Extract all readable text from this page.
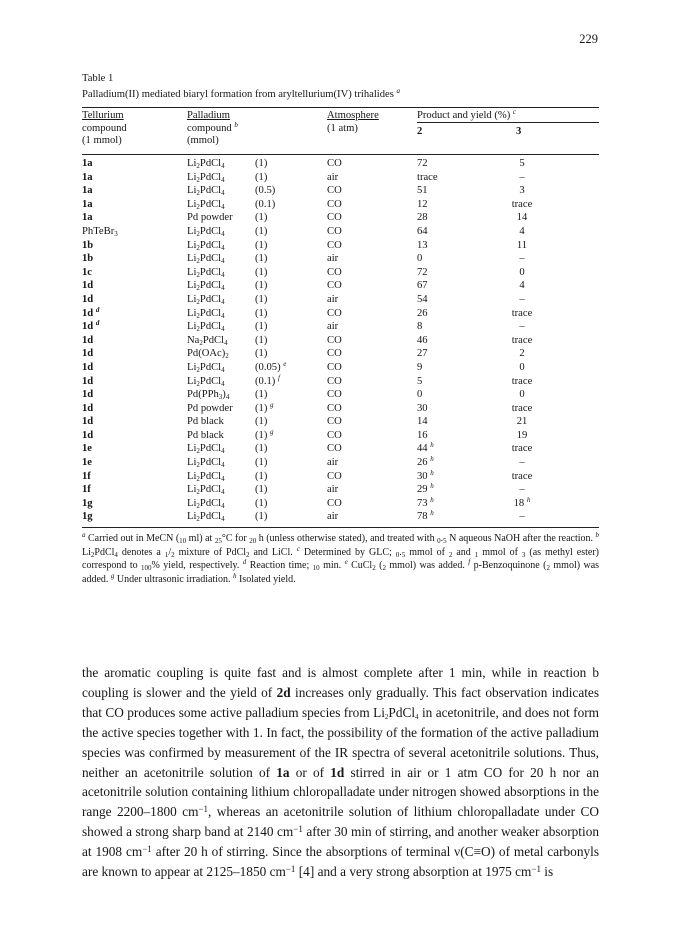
229

Table 1

Palladium(II) mediated biaryl formation from aryltellurium(IV) trihalides $^a$

Tellurium
compound
(1 mmol)
Palladium
compound $^b$
(mmol)
Atmosphere
(1 atm)
Product and yield (%) $^c$
2	3
1a	$Li_2PdCl_4$	(1)	CO	72	5
1a	$Li_2PdCl_4$	(1)	air	trace	–
1a	$Li_2PdCl_4$	(0.5)	CO	51	3
1a	$Li_2PdCl_4$	(0.1)	CO	12	trace
1a	Pd powder (1)	CO	28	14
PhTeBr$_3$	$Li_2PdCl_4$	(1)	CO	64	4
1b	$Li_2PdCl_4$	(1)	CO	13	11
1b	$Li_2PdCl_4$	(1)	air	0	–
1c	$Li_2PdCl_4$	(1)	CO	72	0
1d	$Li_2PdCl_4$	(1)	CO	67	4
1d	$Li_2PdCl_4$	(1)	air	54	–
1d $^d$	$Li_2PdCl_4$	(1)	CO	26	trace
1d $^d$	$Li_2PdCl_4$	(1)	air	8	–
1d	$Na_2PdCl_4$	(1)	CO	46	trace
1d	$Pd(OAc)_2$ (1)	CO	27	2
1d	$Li_2PdCl_4$	(0.05) $^e$	CO	9	0
1d	$Li_2PdCl_4$	(0.1) $^f$	CO	5	trace
1d	$Pd(PPh_3)_4$ (1)	CO	0	0
1d	Pd powder (1) $^g$	CO	30	trace
1d	Pd black	(1)	CO	14	21
1d	Pd black	(1) $^g$	CO	16	19
1e	$Li_2PdCl_4$	(1)	CO	44 $^h$	trace
1e	$Li_2PdCl_4$	(1)	air	26 $^h$	–
1f	$Li_2PdCl_4$	(1)	CO	30 $^h$	trace
1f	$Li_2PdCl_4$	(1)	air	29 $^h$	–
1g	$Li_2PdCl_4$	(1)	CO	73 $^h$	18 $^h$
1g	$Li_2PdCl_4$	(1)	air	78 $^h$	–
$^a$ Carried out in MeCN ($_{10}$ ml) at $_{25}$°C for $_{20}$ h (unless otherwise stated), and treated with $_0._5$ N aqueous NaOH after the reaction. $^b$ $Li_2PdCl_4$ denotes a $_1/_2$ mixture of PdCl$_2$ and LiCl. $^c$ Determined by GLC; $_0._5$ mmol of $_2$ and $_1$ mmol of $_3$ (as methyl ester) correspond to $_{100}$% yield, respectively. $^d$ Reaction time; $_{10}$ min. $^e$ CuCl$_2$ ($_2$ mmol) was added. $^f$ p-Benzoquinone ($_2$ mmol) was added. $^g$ Under ultrasonic irradiation. $^h$ Isolated yield.

the aromatic coupling is quite fast and is almost complete after 1 min, while in reaction b coupling is slower and the yield of 2d increases only gradually. This fact observation indicates that CO produces some active palladium species from $Li_2PdCl_4$ in acetonitrile, and does not form the active species together with 1. In fact, the possibility of the formation of the active palladium species was confirmed by measurement of the IR spectra of several acetonitrile solutions. Thus, neither an acetonitrile solution of 1a or of 1d stirred in air or 1 atm CO for 20 h nor an acetonitrile solution containing lithium chloropalladate under nitrogen showed absorptions in the range 2200–1800 $cm^{-1}$, whereas an acetonitrile solution of lithium chloropalladate under CO showed a strong sharp band at 2140 $cm^{-1}$ after 30 min of stirring, and another weaker absorption at 1908 $cm^{-1}$ after 20 h of stirring. Since the absorptions of terminal ν(C≡O) of metal carbonyls are known to appear at 2125–1850 $cm^{-1}$ [4] and a very strong absorption at 1975 $cm^{-1}$ is
